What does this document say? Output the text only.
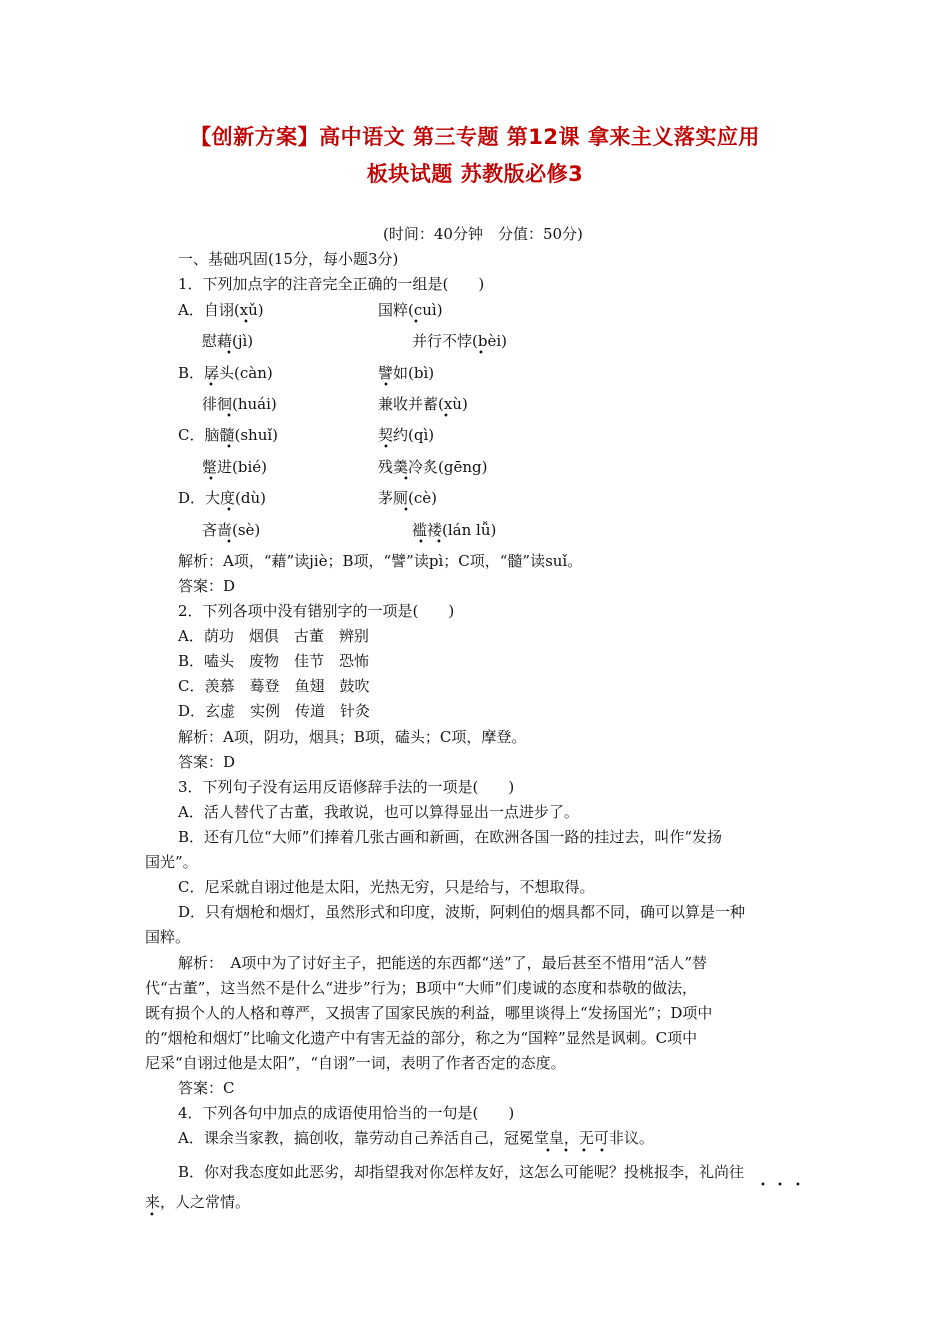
【创新方案】高中语文 第三专题 第12课 拿来主义落实应用
板块试题 苏教版必修3
(时间：40分钟　分值：50分)
一、基础巩固(15分，每小题3分)
1．下列加点字的注音完全正确的一组是(　　)
A．自诩(xǔ)	国粹(cuì)
慰藉(jì)	并行不悖(bèi)
B．孱头(càn)	譬如(bì)
徘徊(huái)	兼收并蓄(xù)
C．脑髓(shuǐ)	契约(qì)
蹩进(bié)	残羹冷炙(gēng)
D．大度(dù)	茅厕(cè)
吝啬(sè)	褴褛(lán lǚ)
•	•
•	•
•	•
•	•
•	•
•	•
•	•
•	• •
解析：A项，“藉”读jiè；B项，“譬”读pì；C项，“髓”读suǐ。
答案：D
2．下列各项中没有错别字的一项是(　　)
A．荫功　烟俱　古董　辨别
B．嗑头　废物　佳节　恐怖
C．羡慕　蓦登　鱼翅　鼓吹
D．玄虚　实例　传道　针灸
解析：A项，阴功，烟具；B项，磕头；C项，摩登。
答案：D
3．下列句子没有运用反语修辞手法的一项是(　　)
A．活人替代了古董，我敢说，也可以算得显出一点进步了。
B．还有几位“大师”们捧着几张古画和新画，在欧洲各国一路的挂过去，叫作“发扬
国光”。
C．尼采就自诩过他是太阳，光热无穷，只是给与，不想取得。
D．只有烟枪和烟灯，虽然形式和印度，波斯，阿剌伯的烟具都不同，确可以算是一种
国粹。
解析：　A项中为了讨好主子，把能送的东西都“送”了，最后甚至不惜用“活人”替
代“古董”，这当然不是什么“进步”行为；B项中“大师”们虔诚的态度和恭敬的做法，
既有损个人的人格和尊严，又损害了国家民族的利益，哪里谈得上“发扬国光”；D项中
的“烟枪和烟灯”比喻文化遗产中有害无益的部分，称之为“国粹”显然是讽刺。C项中
尼采“自诩过他是太阳”，“自诩”一词，表明了作者否定的态度。
答案：C
4．下列各句中加点的成语使用恰当的一句是(　　)
A．课余当家教，搞创收，靠劳动自己养活自己，冠冕堂皇，无可非议。
• • • •
B．你对我态度如此恶劣，却指望我对你怎样友好，这怎么可能呢？投桃报李，礼尚往
• • •
来，人之常情。
•
